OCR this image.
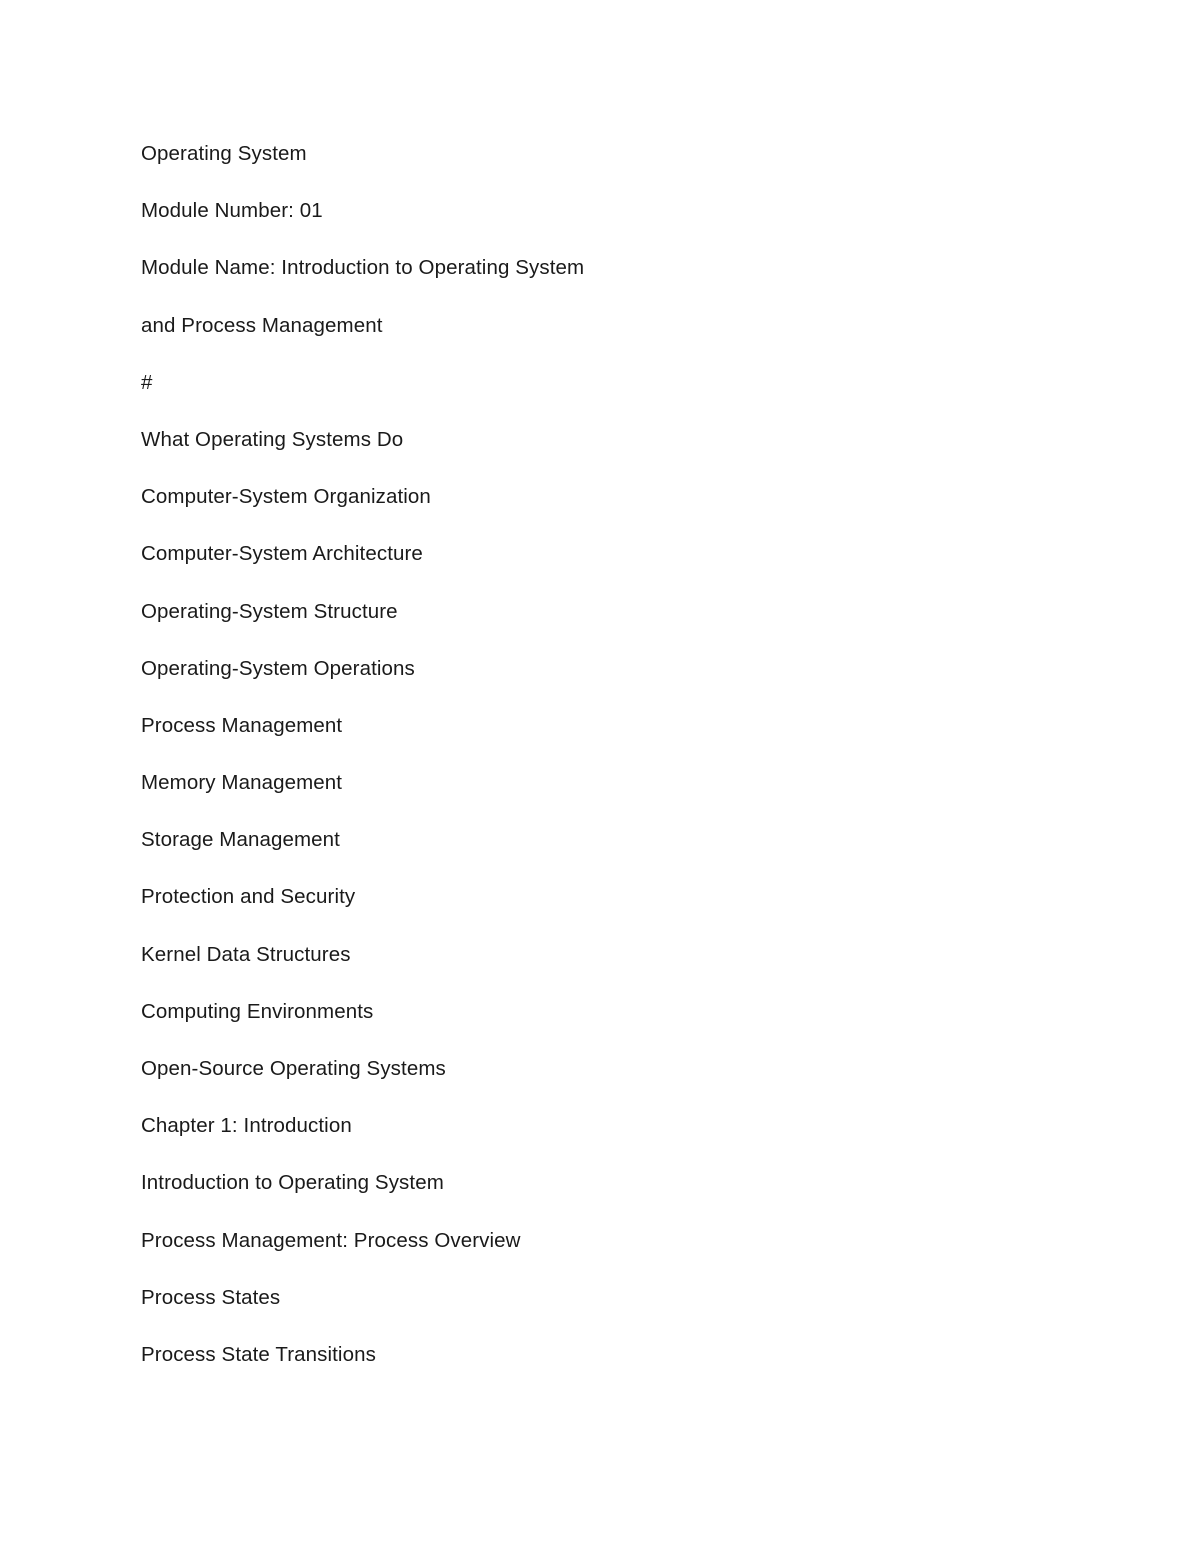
Operating System
Module Number: 01
Module Name: Introduction to Operating System
and Process Management
#
What Operating Systems Do
Computer-System Organization
Computer-System Architecture
Operating-System Structure
Operating-System Operations
Process Management
Memory Management
Storage Management
Protection and Security
Kernel Data Structures
Computing Environments
Open-Source Operating Systems
Chapter 1: Introduction
Introduction to Operating System
Process Management: Process Overview
Process States
Process State Transitions
